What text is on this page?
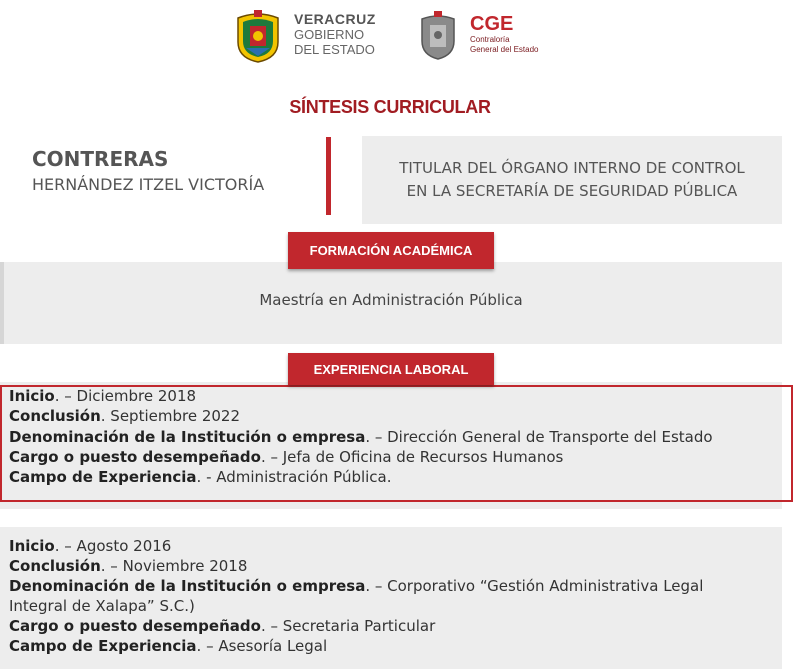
VERACRUZ
GOBIERNO
DEL ESTADO
CGE
Contraloría
General del Estado
SÍNTESIS CURRICULAR
CONTRERAS
HERNÁNDEZ ITZEL VICTORÍA
TITULAR DEL ÓRGANO INTERNO DE CONTROL
EN LA SECRETARÍA DE SEGURIDAD PÚBLICA
Maestría en Administración Pública
FORMACIÓN ACADÉMICA
EXPERIENCIA LABORAL
Inicio. – Diciembre 2018
Conclusión. Septiembre 2022
Denominación de la Institución o empresa. – Dirección General de Transporte del Estado
Cargo o puesto desempeñado. – Jefa de Oficina de Recursos Humanos
Campo de Experiencia. - Administración Pública.
Inicio. – Agosto 2016
Conclusión. – Noviembre 2018
Denominación de la Institución o empresa. – Corporativo “Gestión Administrativa Legal
Integral de Xalapa” S.C.)
Cargo o puesto desempeñado. – Secretaria Particular
Campo de Experiencia. – Asesoría Legal
